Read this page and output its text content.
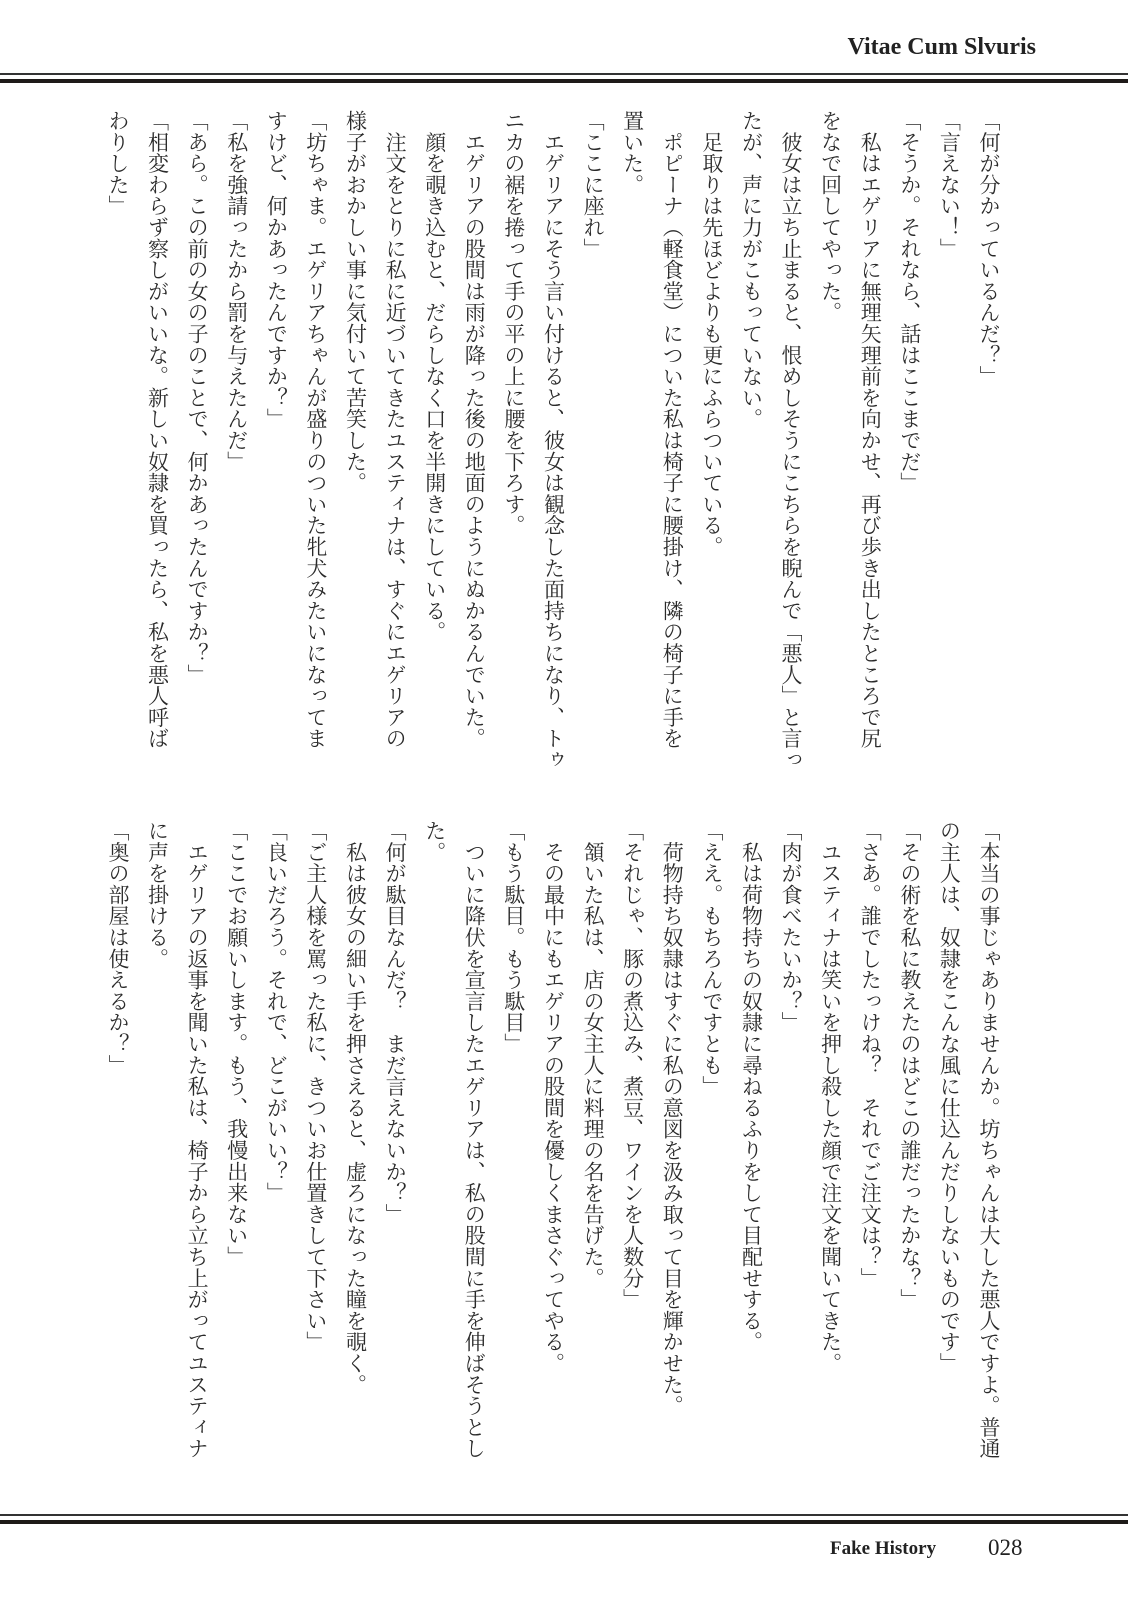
Vitae Cum Slvuris
「何が分かっているんだ？」
「言えない！」
「そうか。それなら、話はここまでだ」
　私はエゲリアに無理矢理前を向かせ、再び歩き出したところで尻
をなで回してやった。
　彼女は立ち止まると、恨めしそうにこちらを睨んで「悪人」と言っ
たが、声に力がこもっていない。
　足取りは先ほどよりも更にふらついている。
　ポピーナ（軽食堂）についた私は椅子に腰掛け、隣の椅子に手を
置いた。
「ここに座れ」
　エゲリアにそう言い付けると、彼女は観念した面持ちになり、トゥ
ニカの裾を捲って手の平の上に腰を下ろす。
　エゲリアの股間は雨が降った後の地面のようにぬかるんでいた。
　顔を覗き込むと、だらしなく口を半開きにしている。
　注文をとりに私に近づいてきたユスティナは、すぐにエゲリアの
様子がおかしい事に気付いて苦笑した。
「坊ちゃま。エゲリアちゃんが盛りのついた牝犬みたいになってま
すけど、何かあったんですか？」
「私を強請ったから罰を与えたんだ」
「あら。この前の女の子のことで、何かあったんですか？」
「相変わらず察しがいいな。新しい奴隷を買ったら、私を悪人呼ば
わりした」
「本当の事じゃありませんか。坊ちゃんは大した悪人ですよ。普通
の主人は、奴隷をこんな風に仕込んだりしないものです」
「その術を私に教えたのはどこの誰だったかな？」
「さあ。誰でしたっけね？　それでご注文は？」
　ユスティナは笑いを押し殺した顔で注文を聞いてきた。
「肉が食べたいか？」
　私は荷物持ちの奴隷に尋ねるふりをして目配せする。
「ええ。もちろんですとも」
　荷物持ち奴隷はすぐに私の意図を汲み取って目を輝かせた。
「それじゃ、豚の煮込み、煮豆、ワインを人数分」
　頷いた私は、店の女主人に料理の名を告げた。
　その最中にもエゲリアの股間を優しくまさぐってやる。
「もう駄目。もう駄目」
　ついに降伏を宣言したエゲリアは、私の股間に手を伸ばそうとし
た。
「何が駄目なんだ？　まだ言えないか？」
　私は彼女の細い手を押さえると、虚ろになった瞳を覗く。
「ご主人様を罵った私に、きついお仕置きして下さい」
「良いだろう。それで、どこがいい？」
「ここでお願いします。もう、我慢出来ない」
　エゲリアの返事を聞いた私は、椅子から立ち上がってユスティナ
に声を掛ける。
「奥の部屋は使えるか？」
Fake History 028
